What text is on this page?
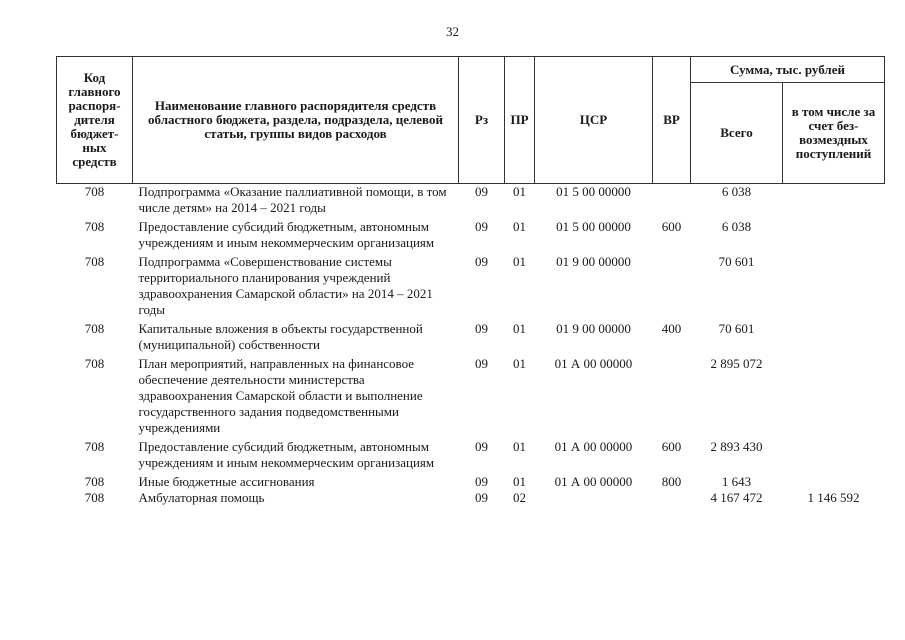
32
Код главного распоря- дителя бюджет- ных средств	Наименование главного распорядителя средств областного бюджета, раздела, подраздела, целевой статьи, группы видов расходов	Рз	ПР	ЦСР	ВР	Сумма, тыс. рублей	
						Всего	в том числе за счет без- возмездных поступлений
708	Подпрограмма «Оказание паллиативной помощи, в том числе детям» на 2014 – 2021 годы	09	01	01 5 00 00000		6 038	
708	Предоставление субсидий бюджетным, автономным учреждениям и иным некоммерческим организациям	09	01	01 5 00 00000	600	6 038	
708	Подпрограмма «Совершенствование системы территориального планирования учреждений здравоохранения Самарской области» на 2014 – 2021 годы	09	01	01 9 00 00000		70 601	
708	Капитальные вложения в объекты государственной (муниципальной) собственности	09	01	01 9 00 00000	400	70 601	
708	План мероприятий, направленных на финансовое обеспечение деятельности министерства здравоохранения Самарской области и выполнение государственного задания подведомственными учреждениями	09	01	01 А 00 00000		2 895 072	
708	Предоставление субсидий бюджетным, автономным учреждениям и иным некоммерческим организациям	09	01	01 А 00 00000	600	2 893 430	
708	Иные бюджетные ассигнования	09	01	01 А 00 00000	800	1 643	
708	Амбулаторная помощь	09	02			4 167 472	1 146 592
